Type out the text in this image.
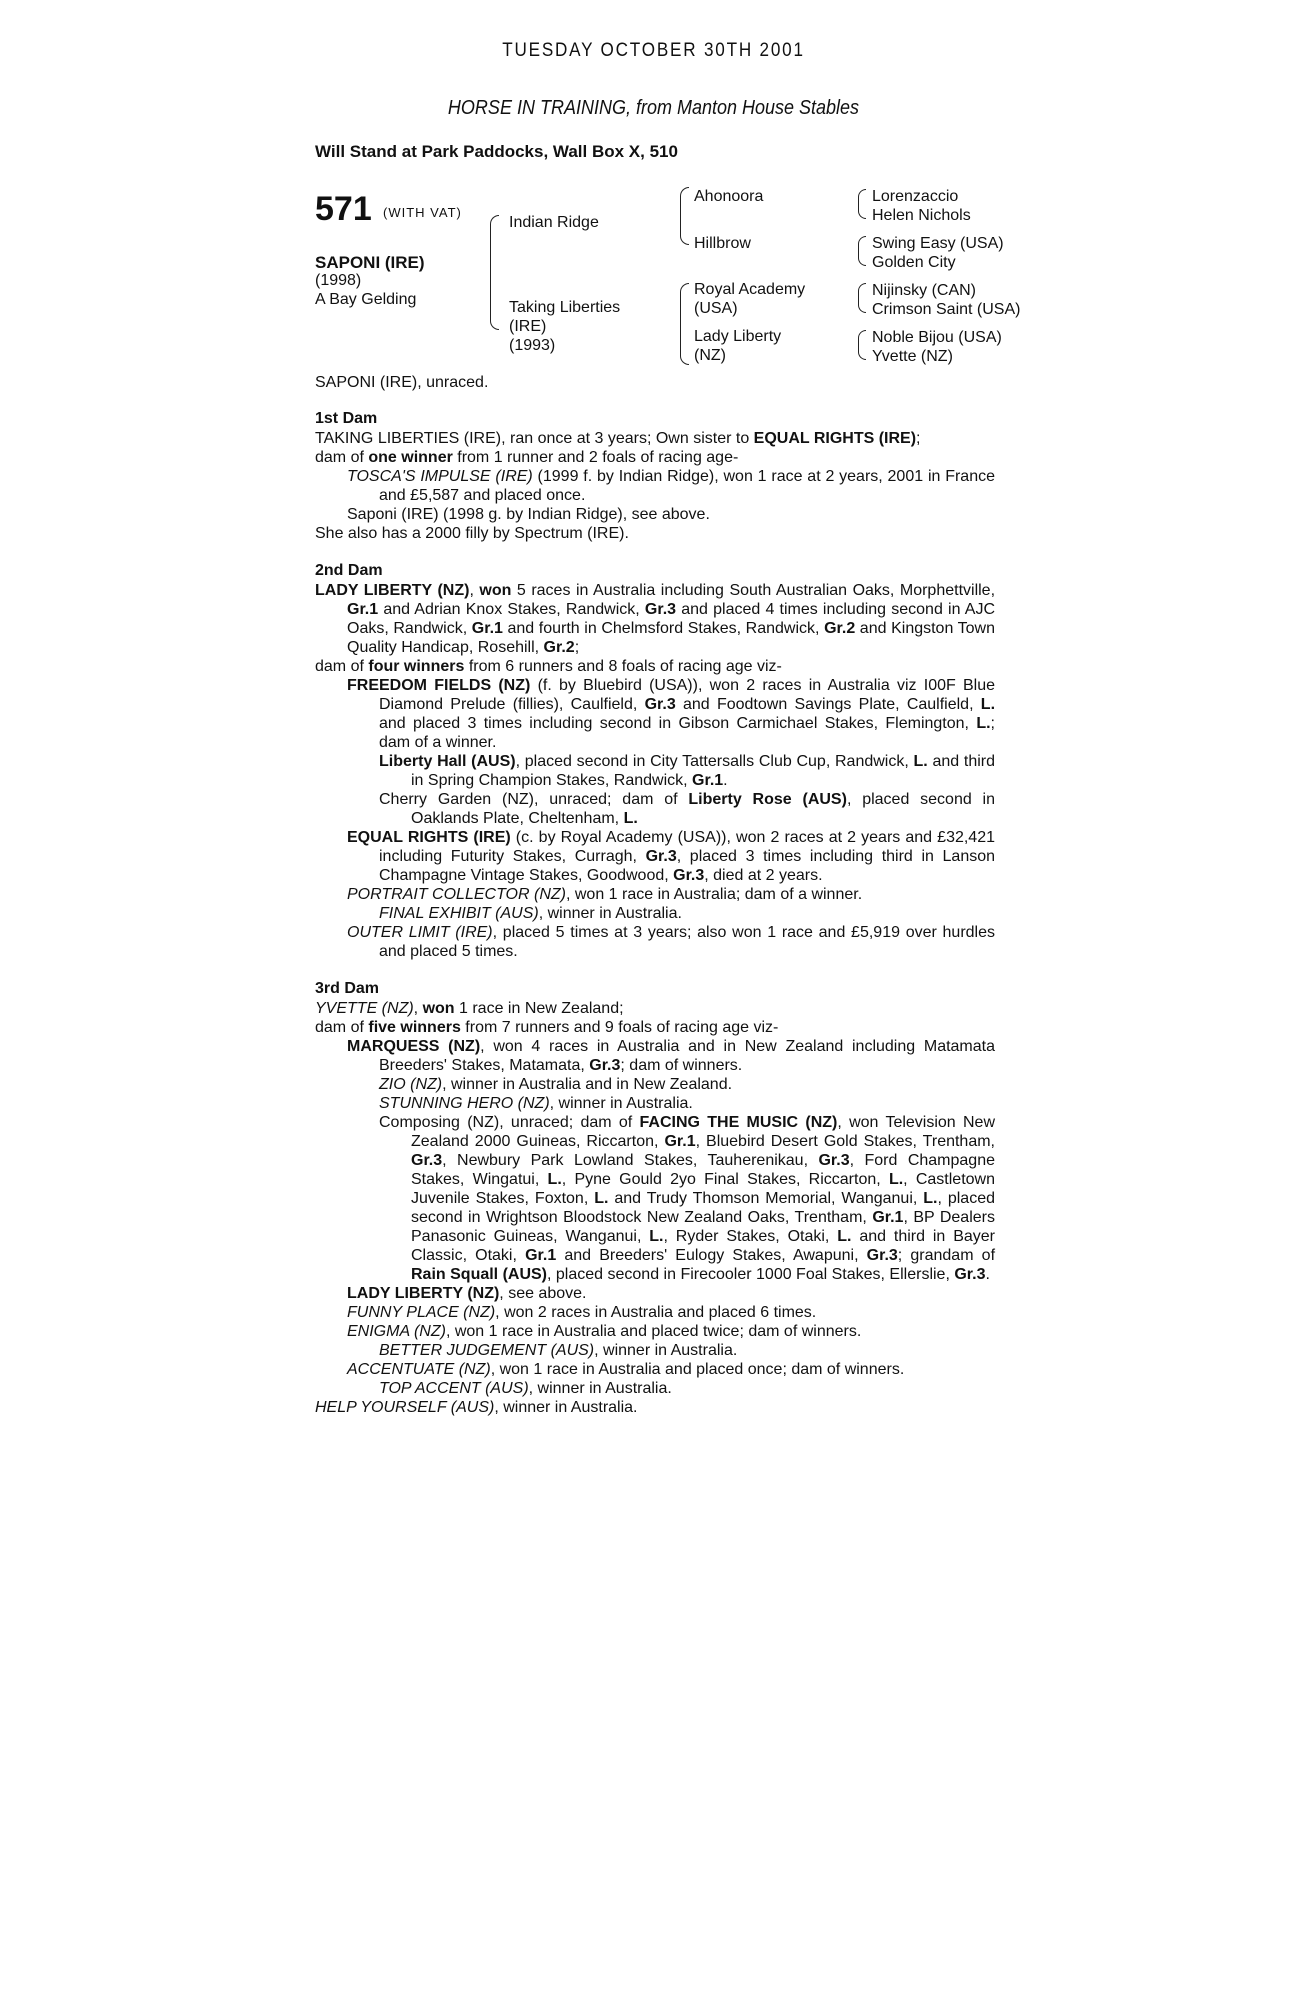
TUESDAY OCTOBER 30TH 2001
HORSE IN TRAINING, from Manton House Stables
Will Stand at Park Paddocks, Wall Box X, 510
571 (WITH VAT)
SAPONI (IRE)
(1998)
A Bay Gelding
Indian Ridge
Taking Liberties
(IRE)
(1993)
Ahonoora
Hillbrow
Royal Academy
(USA)
Lady Liberty
(NZ)
Lorenzaccio
Helen Nichols
Swing Easy (USA)
Golden City
Nijinsky (CAN)
Crimson Saint (USA)
Noble Bijou (USA)
Yvette (NZ)
SAPONI (IRE), unraced.
1st Dam
TAKING LIBERTIES (IRE), ran once at 3 years; Own sister to EQUAL RIGHTS (IRE);
dam of one winner from 1 runner and 2 foals of racing age-
TOSCA'S IMPULSE (IRE) (1999 f. by Indian Ridge), won 1 race at 2 years, 2001 in France and £5,587 and placed once.
Saponi (IRE) (1998 g. by Indian Ridge), see above.
She also has a 2000 filly by Spectrum (IRE).
2nd Dam
LADY LIBERTY (NZ), won 5 races in Australia including South Australian Oaks, Morphettville, Gr.1 and Adrian Knox Stakes, Randwick, Gr.3 and placed 4 times including second in AJC Oaks, Randwick, Gr.1 and fourth in Chelmsford Stakes, Randwick, Gr.2 and Kingston Town Quality Handicap, Rosehill, Gr.2;
dam of four winners from 6 runners and 8 foals of racing age viz-
FREEDOM FIELDS (NZ) (f. by Bluebird (USA)), won 2 races in Australia viz I00F Blue Diamond Prelude (fillies), Caulfield, Gr.3 and Foodtown Savings Plate, Caulfield, L. and placed 3 times including second in Gibson Carmichael Stakes, Flemington, L.; dam of a winner.
Liberty Hall (AUS), placed second in City Tattersalls Club Cup, Randwick, L. and third in Spring Champion Stakes, Randwick, Gr.1.
Cherry Garden (NZ), unraced; dam of Liberty Rose (AUS), placed second in Oaklands Plate, Cheltenham, L.
EQUAL RIGHTS (IRE) (c. by Royal Academy (USA)), won 2 races at 2 years and £32,421 including Futurity Stakes, Curragh, Gr.3, placed 3 times including third in Lanson Champagne Vintage Stakes, Goodwood, Gr.3, died at 2 years.
PORTRAIT COLLECTOR (NZ), won 1 race in Australia; dam of a winner.
FINAL EXHIBIT (AUS), winner in Australia.
OUTER LIMIT (IRE), placed 5 times at 3 years; also won 1 race and £5,919 over hurdles and placed 5 times.
3rd Dam
YVETTE (NZ), won 1 race in New Zealand;
dam of five winners from 7 runners and 9 foals of racing age viz-
MARQUESS (NZ), won 4 races in Australia and in New Zealand including Matamata Breeders' Stakes, Matamata, Gr.3; dam of winners.
ZIO (NZ), winner in Australia and in New Zealand.
STUNNING HERO (NZ), winner in Australia.
Composing (NZ), unraced; dam of FACING THE MUSIC (NZ), won Television New Zealand 2000 Guineas, Riccarton, Gr.1, Bluebird Desert Gold Stakes, Trentham, Gr.3, Newbury Park Lowland Stakes, Tauherenikau, Gr.3, Ford Champagne Stakes, Wingatui, L., Pyne Gould 2yo Final Stakes, Riccarton, L., Castletown Juvenile Stakes, Foxton, L. and Trudy Thomson Memorial, Wanganui, L., placed second in Wrightson Bloodstock New Zealand Oaks, Trentham, Gr.1, BP Dealers Panasonic Guineas, Wanganui, L., Ryder Stakes, Otaki, L. and third in Bayer Classic, Otaki, Gr.1 and Breeders' Eulogy Stakes, Awapuni, Gr.3; grandam of Rain Squall (AUS), placed second in Firecooler 1000 Foal Stakes, Ellerslie, Gr.3.
LADY LIBERTY (NZ), see above.
FUNNY PLACE (NZ), won 2 races in Australia and placed 6 times.
ENIGMA (NZ), won 1 race in Australia and placed twice; dam of winners.
BETTER JUDGEMENT (AUS), winner in Australia.
ACCENTUATE (NZ), won 1 race in Australia and placed once; dam of winners.
TOP ACCENT (AUS), winner in Australia.
HELP YOURSELF (AUS), winner in Australia.
